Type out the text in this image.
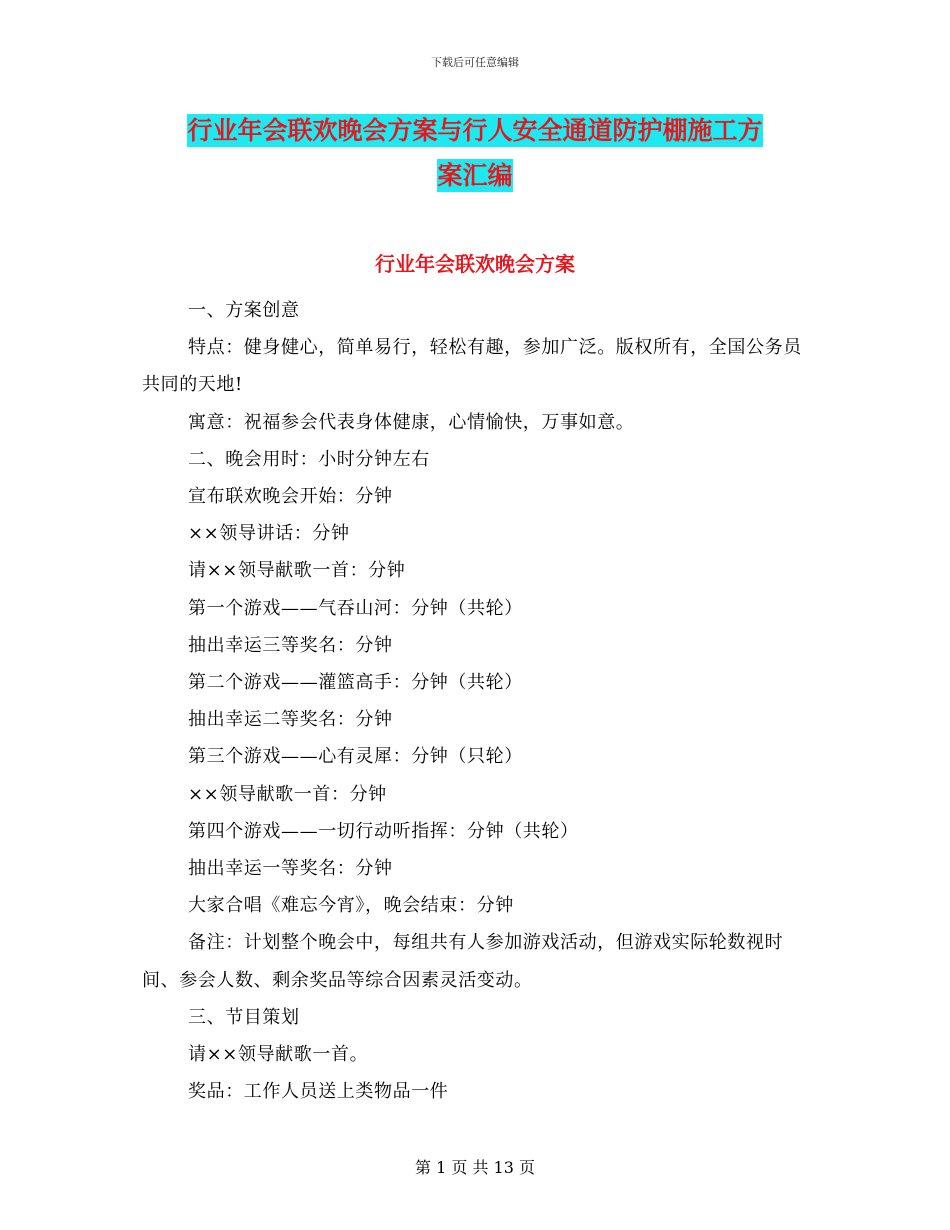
下载后可任意编辑
行业年会联欢晚会方案与行人安全通道防护棚施工方
案汇编
行业年会联欢晚会方案

一、方案创意

特点：健身健心，简单易行，轻松有趣，参加广泛。版权所有，全国公务员共同的天地!

寓意：祝福参会代表身体健康，心情愉快，万事如意。

二、晚会用时：小时分钟左右

宣布联欢晚会开始：分钟

××领导讲话：分钟

请××领导献歌一首：分钟

第一个游戏——气吞山河：分钟（共轮）

抽出幸运三等奖名：分钟

第二个游戏——灌篮高手：分钟（共轮）

抽出幸运二等奖名：分钟

第三个游戏——心有灵犀：分钟（只轮）

××领导献歌一首：分钟

第四个游戏——一切行动听指挥：分钟（共轮）

抽出幸运一等奖名：分钟

大家合唱《难忘今宵》，晚会结束：分钟

备注：计划整个晚会中，每组共有人参加游戏活动，但游戏实际轮数视时间、参会人数、剩余奖品等综合因素灵活变动。

三、节目策划

请××领导献歌一首。

奖品：工作人员送上类物品一件

第 1 页 共 13 页
